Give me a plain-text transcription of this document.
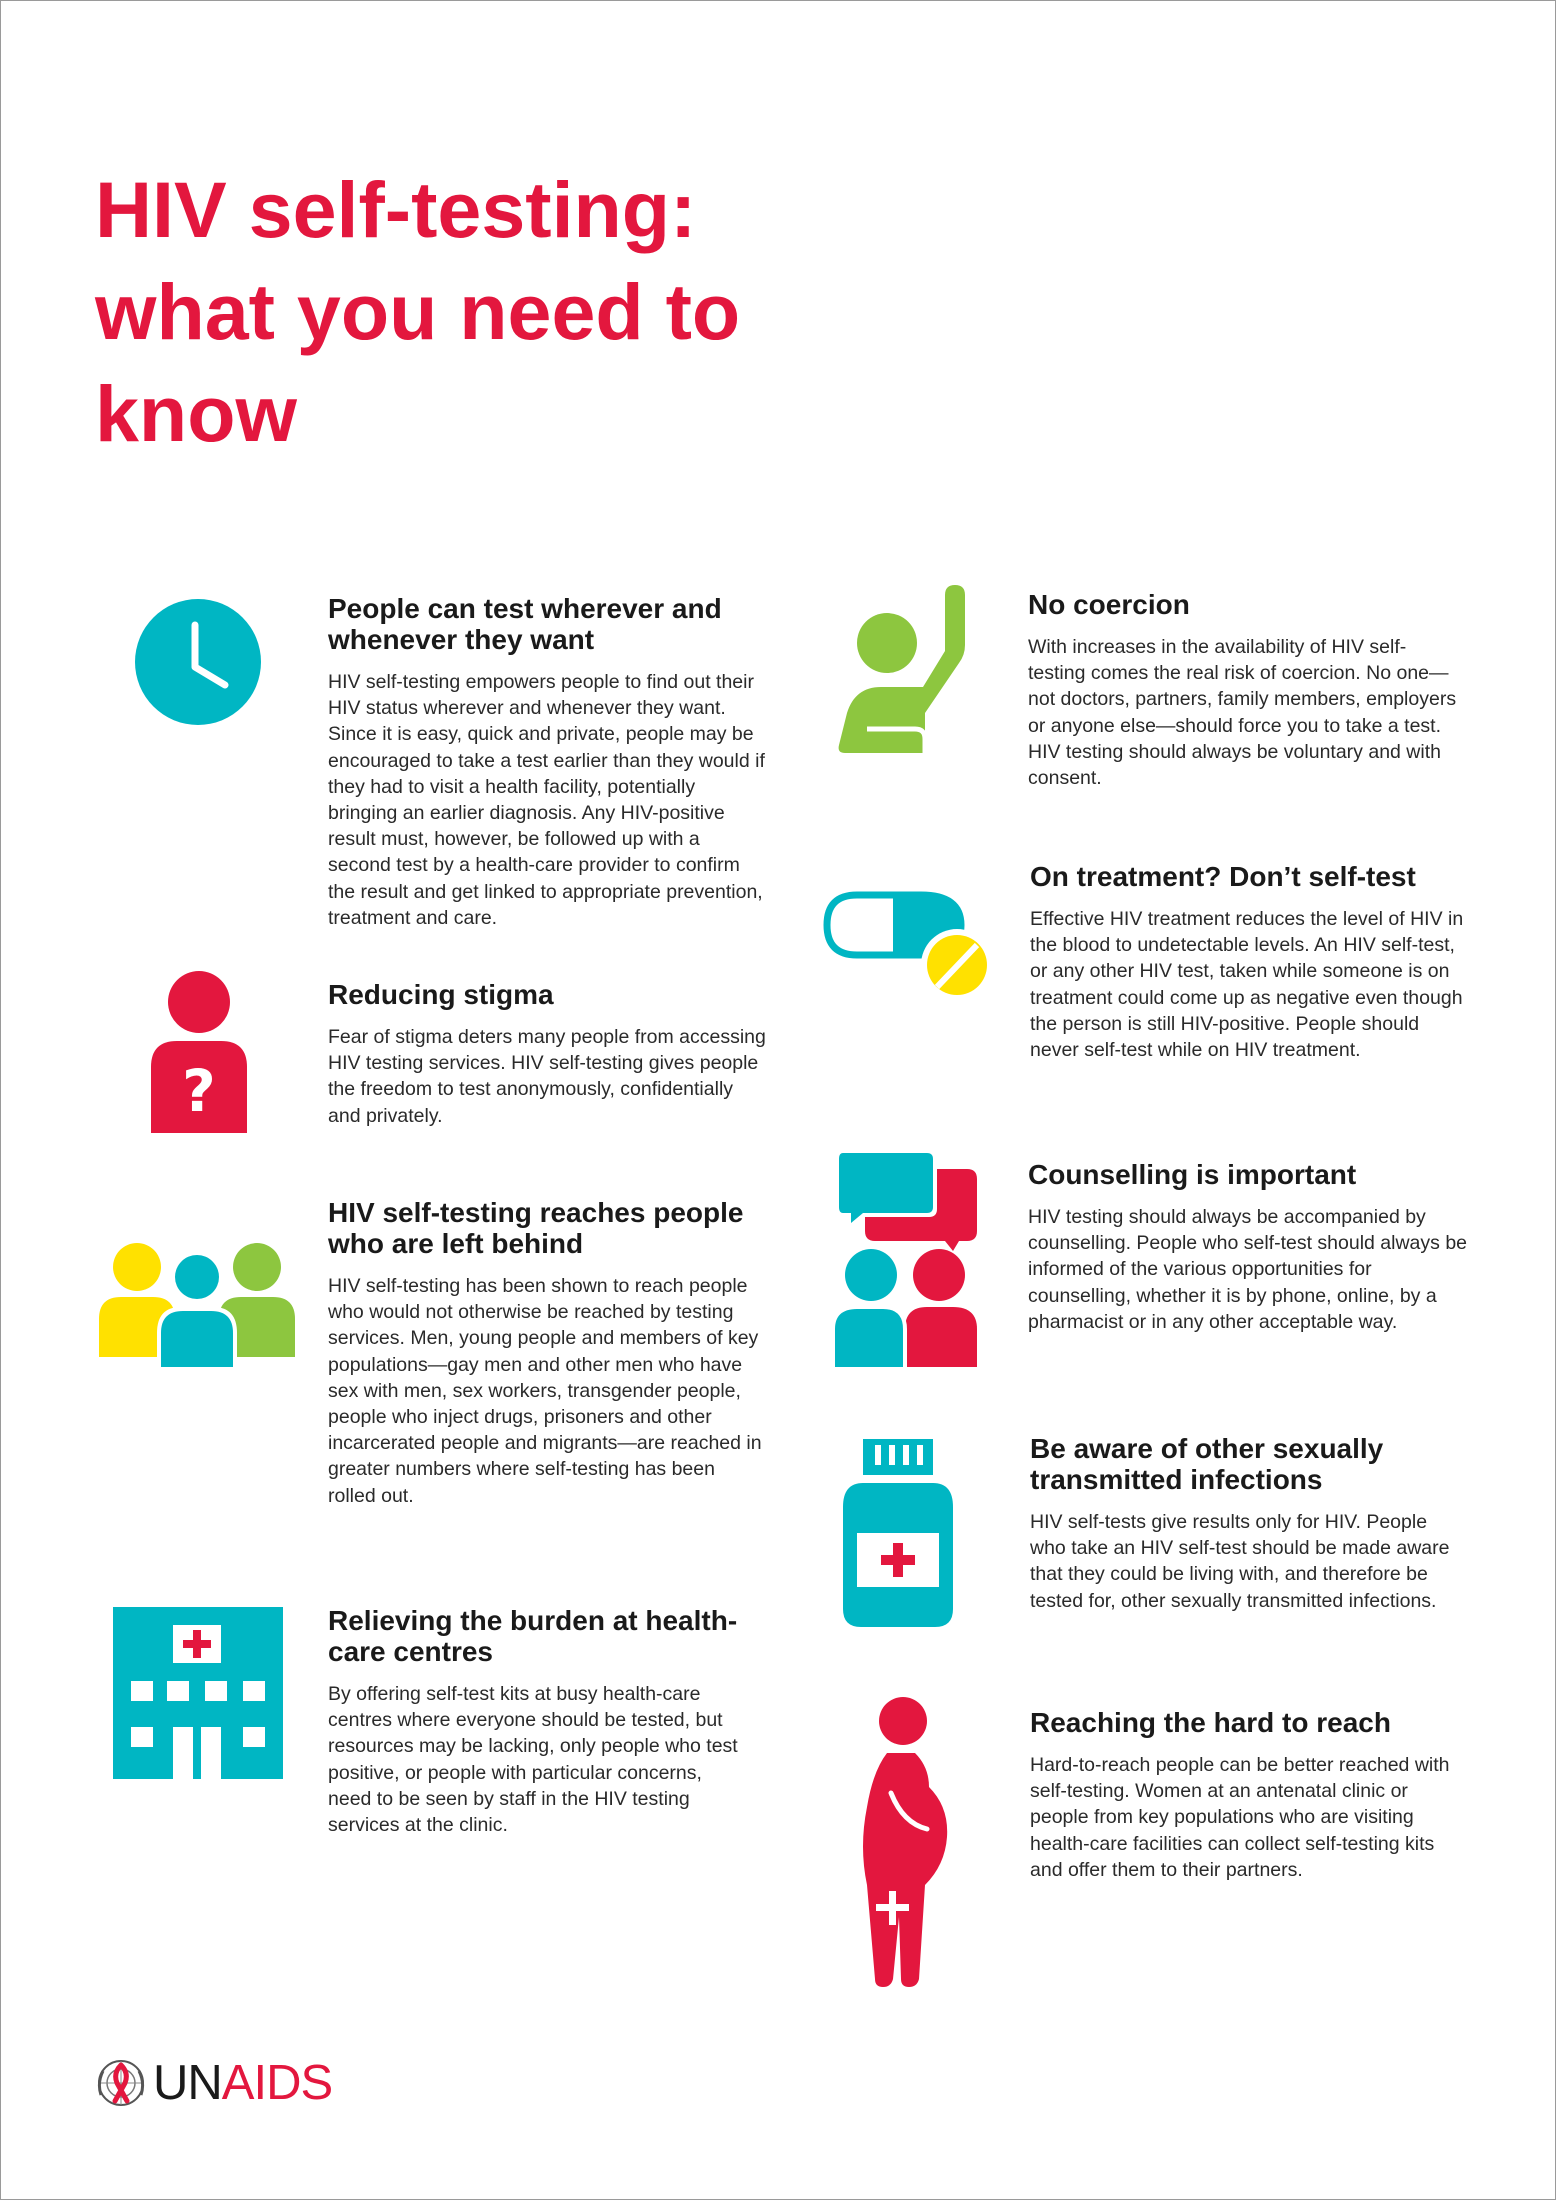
HIV self-testing: what you need to know
?
People can test wherever and whenever they want

HIV self-testing empowers people to find out their HIV status wherever and whenever they want. Since it is easy, quick and private, people may be encouraged to take a test earlier than they would if they had to visit a health facility, potentially bringing an earlier diagnosis. Any HIV-positive result must, however, be followed up with a second test by a health-care provider to confirm the result and get linked to appropriate prevention, treatment and care.

Reducing stigma

Fear of stigma deters many people from accessing HIV testing services. HIV self-testing gives people the freedom to test anonymously, confidentially and privately.

HIV self-testing reaches people who are left behind

HIV self-testing has been shown to reach people who would not otherwise be reached by testing services. Men, young people and members of key populations—gay men and other men who have sex with men, sex workers, transgender people, people who inject drugs, prisoners and other incarcerated people and migrants—are reached in greater numbers where self-testing has been rolled out.

Relieving the burden at health-care centres

By offering self-test kits at busy health-care centres where everyone should be tested, but resources may be lacking, only people who test positive, or people with particular concerns, need to be seen by staff in the HIV testing services at the clinic.

No coercion

With increases in the availability of HIV self-testing comes the real risk of coercion. No one—not doctors, partners, family members, employers or anyone else—should force you to take a test. HIV testing should always be voluntary and with consent.

On treatment? Don’t self-test

Effective HIV treatment reduces the level of HIV in the blood to undetectable levels. An HIV self-test, or any other HIV test, taken while someone is on treatment could come up as negative even though the person is still HIV-positive. People should never self-test while on HIV treatment.

Counselling is important

HIV testing should always be accompanied by counselling. People who self-test should always be informed of the various opportunities for counselling, whether it is by phone, online, by a pharmacist or in any other acceptable way.

Be aware of other sexually transmitted infections

HIV self-tests give results only for HIV. People who take an HIV self-test should be made aware that they could be living with, and therefore be tested for, other sexually transmitted infections.

Reaching the hard to reach

Hard-to-reach people can be better reached with self-testing. Women at an antenatal clinic or people from key populations who are visiting health-care facilities can collect self-testing kits and offer them to their partners.

UNAIDS
